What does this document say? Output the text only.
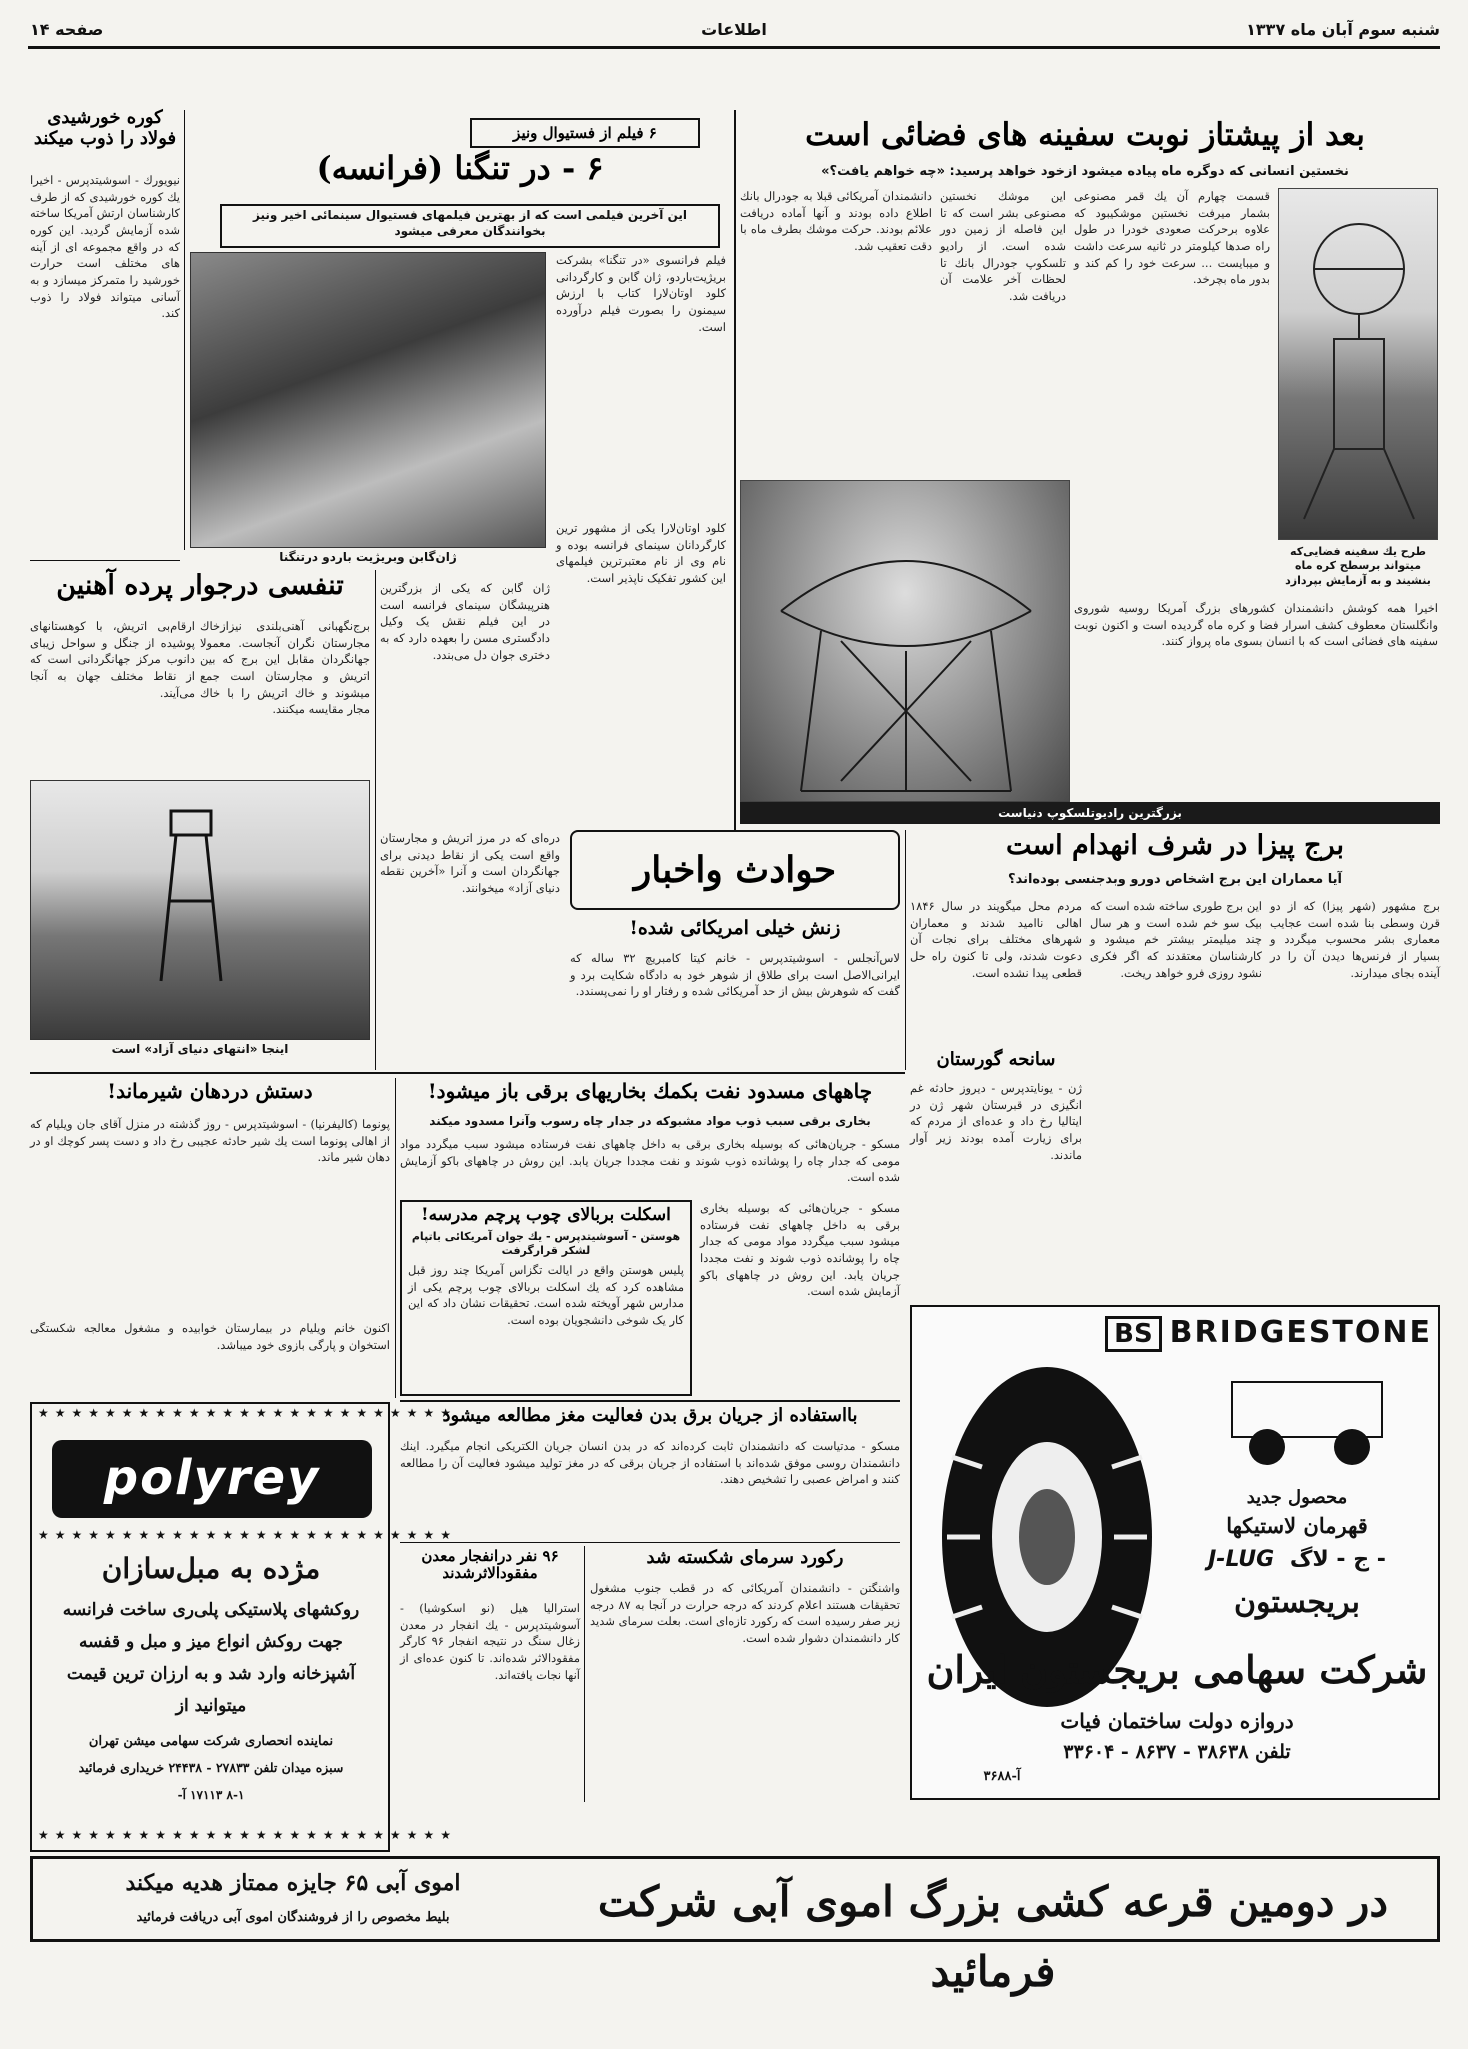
صفحه ۱۴	اطلاعات	شنبه سوم آبان ماه ۱۳۳۷
بعد از پیشتاز نوبت سفینه های فضائی است
نخستین انسانی که دوگره ماه پیاده میشود ازخود خواهد پرسید: «چه خواهم یافت؟»
طرح یك سفینه فضایی‌كه میتواند برسطح كره ماه بنشیند و به آزمایش بپردازد
قسمت چهارم آن یك قمر مصنوعی بشمار میرفت نخستین موشکیبود که علاوه برحرکت صعودی خودرا در طول راه صدها کیلومتر در ثانیه سرعت داشت و میبایست ... سرعت خود را کم کند و بدور ماه بچرخد.
این موشك نخستین مصنوعی بشر است كه تا این فاصله از زمین دور شده است. از رادیو تلسکوپ جودرال بانك تا لحظات آخر علامت آن دریافت شد.
دانشمندان آمریکائی قبلا به جودرال بانك اطلاع داده بودند و آنها آماده دریافت علائم بودند. حرکت موشك بطرف ماه با دقت تعقیب شد.
اخیرا همه کوشش دانشمندان کشورهای بزرگ آمریکا روسیه شوروی وانگلستان معطوف کشف اسرار فضا و کره ماه گردیده است و اکنون نوبت سفینه های فضائی است که با انسان بسوی ماه پرواز کنند.
بزرگترین رادیوتلسکوپ دنیاست
کوره خورشیدی فولاد را ذوب میکند
نیویورك - اسوشیتدپرس - اخیرا یك كوره خورشیدی كه از طرف كارشناسان ارتش آمریكا ساخته شده آزمایش گردید. این كوره كه در واقع مجموعه ای از آینه های مختلف است حرارت خورشید را متمركز میسازد و به آسانی میتواند فولاد را ذوب كند.
۶ فیلم از فستیوال ونیز
۶ - در تنگنا (فرانسه)
این آخرین فیلمی است که از بهترین فیلمهای فستیوال سینمائی اخیر ونیز بخوانندگان معرفی میشود
ژان‌گابن وبریژیت باردو درتنگنا
فیلم فرانسوی «در تنگنا» بشرکت بریژیت‌باردو، ژان گابن و کارگردانی کلود اوتان‌لارا کتاب با ارزش سیمنون را بصورت فیلم درآورده است.
کلود اوتان‌لارا یکی از مشهور ترین کارگردانان سینمای فرانسه بوده و نام وی از نام معتبرترین فیلمهای این کشور تفکیک ناپذیر است.
ژان گابن که یکی از بزرگترین هنرپیشگان سینمای فرانسه است در این فیلم نقش یک وکیل دادگستری مسن را بعهده دارد که به دختری جوان دل می‌بندد.
تنفسی درجوار پرده آهنین
برج‌نگهبانی آهنی‌بلندی نیزازخاك مجارستان نگران آنجاست. معمولا جهانگردان مقابل این برج که بین اتریش و مجارستان است جمع میشوند و خاك اتریش را با خاك مجار مقایسه میکنند.
ارقام‌بی اتریش، با کوهستانهای پوشیده از جنگل و سواحل زیبای دانوب مرکز جهانگردانی است که از نقاط مختلف جهان به آنجا می‌آیند.
اینجا «انتهای دنیای آزاد» است
دره‌ای که در مرز اتریش و مجارستان واقع است یکی از نقاط دیدنی برای جهانگردان است و آنرا «آخرین نقطه دنیای آزاد» میخوانند.	حوادث واخبار
زنش خیلی امریکائی شده!
لاس‌آنجلس - اسوشیتدپرس - خانم کیتا کامبریچ ۳۲ ساله که ایرانی‌الاصل است برای طلاق از شوهر خود به دادگاه شکایت برد و گفت که شوهرش بیش از حد آمریکائی شده و رفتار او را نمی‌پسندد.
برج پیزا در شرف انهدام است
آیا معماران این برج اشخاص دورو وبدجنسی بوده‌اند؟
برج مشهور (شهر پیزا) که از دو قرن وسطی بنا شده است عجایب معماری بشر محسوب میگردد و بسیار از فرنس‌ها دیدن آن را در آینده بجای میدارند.
این برج طوری ساخته شده است که بیک سو خم شده است و هر سال چند میلیمتر بیشتر خم میشود و کارشناسان معتقدند که اگر فکری نشود روزی فرو خواهد ریخت.
مردم محل میگویند در سال ۱۸۴۶ اهالی ناامید شدند و معماران شهرهای مختلف برای نجات آن دعوت شدند، ولی تا کنون راه حل قطعی پیدا نشده است.
سانحه گورستان
ژن - یونایتدپرس - دیروز حادثه غم انگیزی در قبرستان شهر ژن در ایتالیا رخ داد و عده‌ای از مردم که برای زیارت آمده بودند زیر آوار ماندند.
دستش دردهان شیرماند!
پونوما (کالیفرنیا) - اسوشیتدپرس - روز گذشته در منزل آقای جان ویلیام که از اهالی پونوما است یك شیر حادثه عجیبی رخ داد و دست پسر کوچك او در دهان شیر ماند.
اکنون خانم ویلیام در بیمارستان خوابیده و مشغول معالجه شکستگی استخوان و پارگی بازوی خود میباشد.
چاههای مسدود نفت بکمك بخاریهای برقی باز میشود!
بخاری برقی سبب ذوب مواد مشبوکه در جدار چاه رسوب وآنرا مسدود میکند
مسکو - جریان‌هائی که بوسیله بخاری برقی به داخل چاههای نفت فرستاده میشود سبب میگردد مواد مومی که جدار چاه را پوشانده ذوب شوند و نفت مجددا جریان یابد. این روش در چاههای باکو آزمایش شده است.
مسکو - جریان‌هائی که بوسیله بخاری برقی به داخل چاههای نفت فرستاده میشود سبب میگردد مواد مومی که جدار چاه را پوشانده ذوب شوند و نفت مجددا جریان یابد. این روش در چاههای باکو آزمایش شده است.
اسکلت بربالای چوب پرچم مدرسه!
هوستن - آسوشیتدپرس - یك جوان آمریکائی باتپام لشکر قرارگرفت
پلیس هوستن واقع در ایالت تگزاس آمریکا چند روز قبل مشاهده کرد که یك اسکلت بربالای چوب پرچم یکی از مدارس شهر آویخته شده است. تحقیقات نشان داد که این کار یک شوخی دانشجویان بوده است.	BS BRIDGESTONE
محصول جدید
قهرمان لاستیکها
J-LUG ج - لاگ -
بریجستون
شرکت سهامی بریجستون ایران
دروازه دولت ساختمان فیات
تلفن ۳۸۶۳۸ - ۸۶۳۷ - ۳۳۶۰۴
آ-۳۶۸۸
★★★★★★★★★★★★★★★★★★★★★★★★★
polyrey
★★★★★★★★★★★★★★★★★★★★★★★★★
مژده به مبل‌سازان
روکشهای پلاستیکی پلی‌ری ساخت فرانسه
جهت روکش انواع میز و مبل و قفسه
آشپزخانه وارد شد و به ارزان ترین قیمت
میتوانید از
نماینده انحصاری شرکت سهامی میشن تهران
سبزه میدان تلفن ۲۷۸۳۳ - ۲۴۴۳۸ خریداری فرمائید
۸-۱ ۱۷۱۱۳ آ-
★★★★★★★★★★★★★★★★★★★★★★★★★
بااستفاده از جریان برق بدن فعالیت مغز مطالعه میشود
مسکو - مدتیاست که دانشمندان ثابت کرده‌اند که در بدن انسان جریان الکتریکی انجام میگیرد. اینك دانشمندان روسی موفق شده‌اند با استفاده از جریان برقی که در مغز تولید میشود فعالیت آن را مطالعه کنند و امراض عصبی را تشخیص دهند.
رکورد سرمای شکسته شد
واشنگتن - دانشمندان آمریکائی که در قطب جنوب مشغول تحقیقات هستند اعلام کردند که درجه حرارت در آنجا به ۸۷ درجه زیر صفر رسیده است که رکورد تازه‌ای است. بعلت سرمای شدید کار دانشمندان دشوار شده است.
۹۶ نفر درانفجار معدن مفقودالاثرشدند
استرالیا هیل (نو اسکوشیا) - آسوشیتدپرس - یك انفجار در معدن زغال سنگ در نتیجه انفجار ۹۶ کارگر مفقودالاثر شده‌اند. تا کنون عده‌ای از آنها نجات یافته‌اند.
در دومین قرعه کشی بزرگ اموی آبی شرکت فرمائید
اموی آبی ۶۵ جایزه ممتاز هدیه میکند
بلیط مخصوص را از فروشندگان اموی آبی دریافت فرمائید
